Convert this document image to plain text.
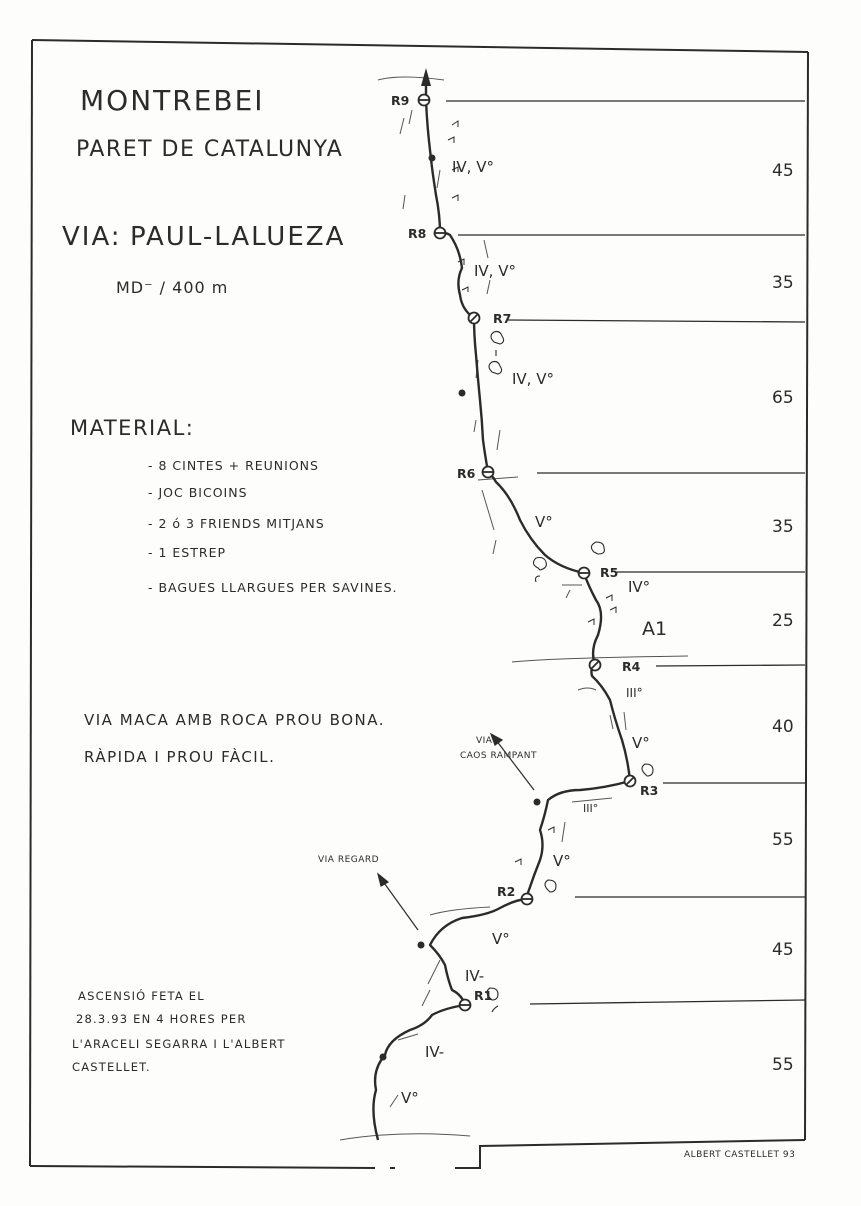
MONTREBEI
PARET DE CATALUNYA
VIA: PAUL-LALUEZA
MD⁻ / 400 m
MATERIAL:
- 8 CINTES + REUNIONS
- JOC BICOINS
- 2 ó 3 FRIENDS MITJANS
- 1 ESTREP
- BAGUES LLARGUES PER SAVINES.
VIA MACA AMB ROCA PROU BONA.
RÀPIDA I PROU FÀCIL.
ASCENSIÓ FETA EL
28.3.93 EN 4 HORES PER
L'ARACELI SEGARRA I L'ALBERT
CASTELLET.
ALBERT CASTELLET 93
45
35
65
35
25
40
55
45
55
R9
R8
R7
R6
R5
R4
R3
R2
R1
IV, V°
IV, V°
IV, V°
V°
IV°
A1
III°
V°
III°
V°
V°
IV-
IV-
V°
VIA
CAOS RAMPANT
VIA REGARD
